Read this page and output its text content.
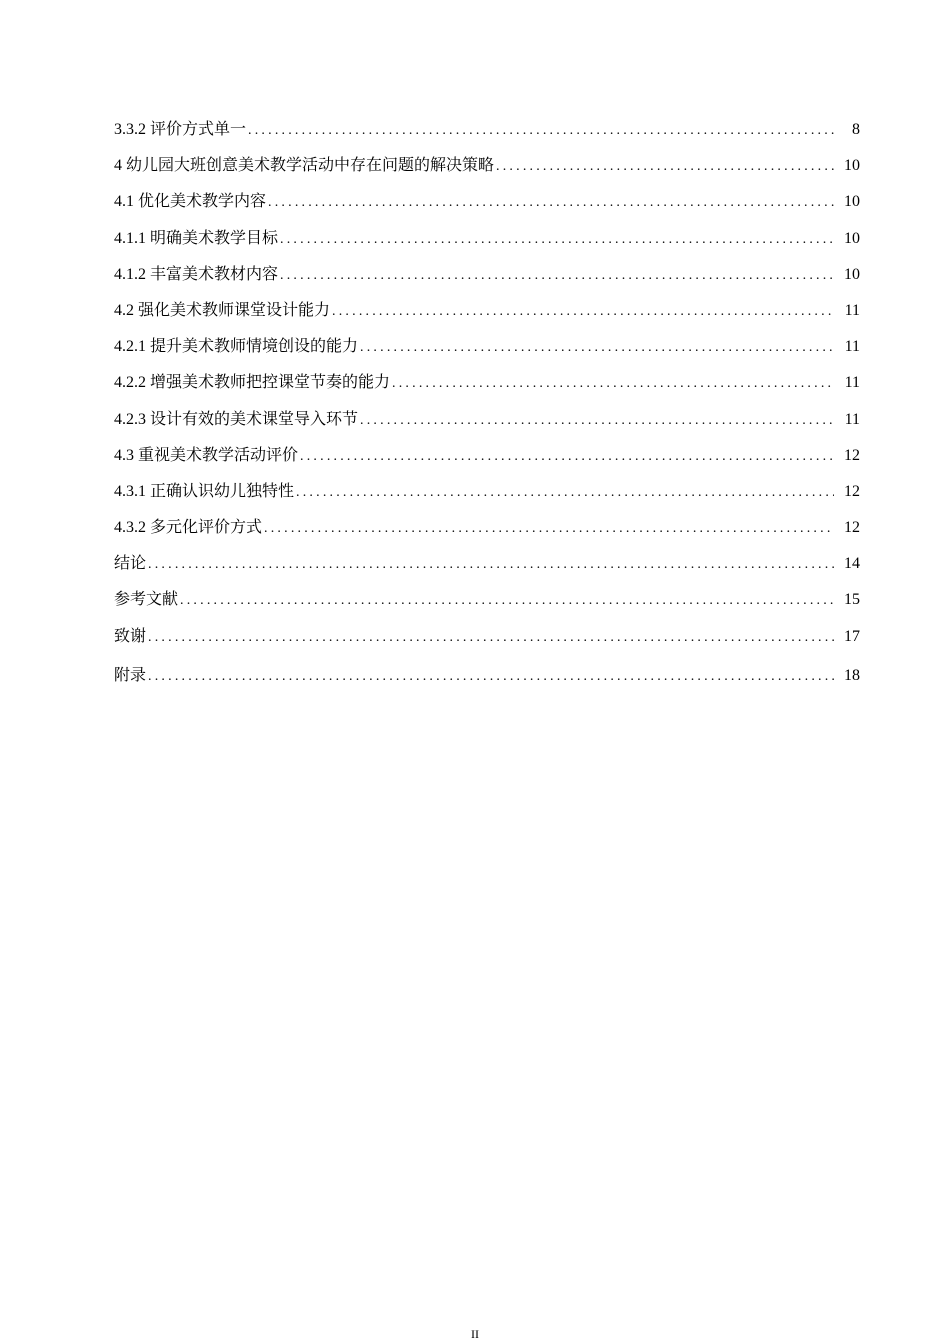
3.3.2 评价方式单一 .....	8
4 幼儿园大班创意美术教学活动中存在问题的解决策略 .....	10
4.1 优化美术教学内容 .....	10
4.1.1 明确美术教学目标 .....	10
4.1.2 丰富美术教材内容 .....	10
4.2 强化美术教师课堂设计能力 .....	11
4.2.1 提升美术教师情境创设的能力 .....	11
4.2.2 增强美术教师把控课堂节奏的能力 .....	11
4.2.3 设计有效的美术课堂导入环节 .....	11
4.3 重视美术教学活动评价 .....	12
4.3.1 正确认识幼儿独特性 .....	12
4.3.2 多元化评价方式 .....	12
结论 .....	14
参考文献 .....	15
致谢 .....	17
附录 .....	18
II
